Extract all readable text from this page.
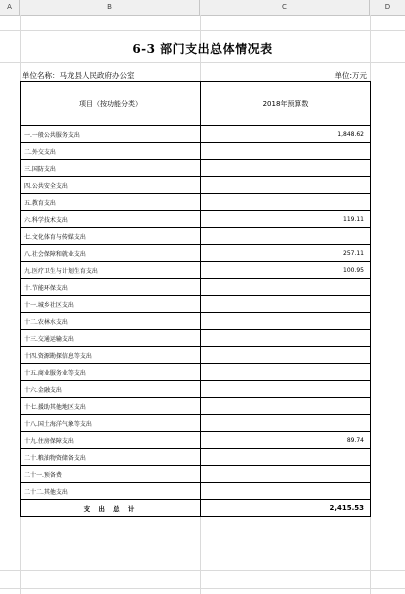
A	B	C	D
6-3 部门支出总体情况表
单位名称：马龙县人民政府办公室	单位:万元
项目（按功能分类）	2018年预算数
一.一般公共服务支出	1,848.62
二.外交支出	
三.国防支出	
四.公共安全支出	
五.教育支出	
六.科学技术支出	119.11
七.文化体育与传媒支出	
八.社会保障和就业支出	257.11
九.医疗卫生与计划生育支出	100.95
十.节能环保支出	
十一.城乡社区支出	
十二.农林水支出	
十三.交通运输支出	
十四.资源勘探信息等支出	
十五.商业服务业等支出	
十六.金融支出	
十七.援助其他地区支出	
十八.国土海洋气象等支出	
十九.住房保障支出	89.74
二十.粮油物资储备支出	
二十一.预备费	
二十二.其他支出	
支 出 总 计	2,415.53
